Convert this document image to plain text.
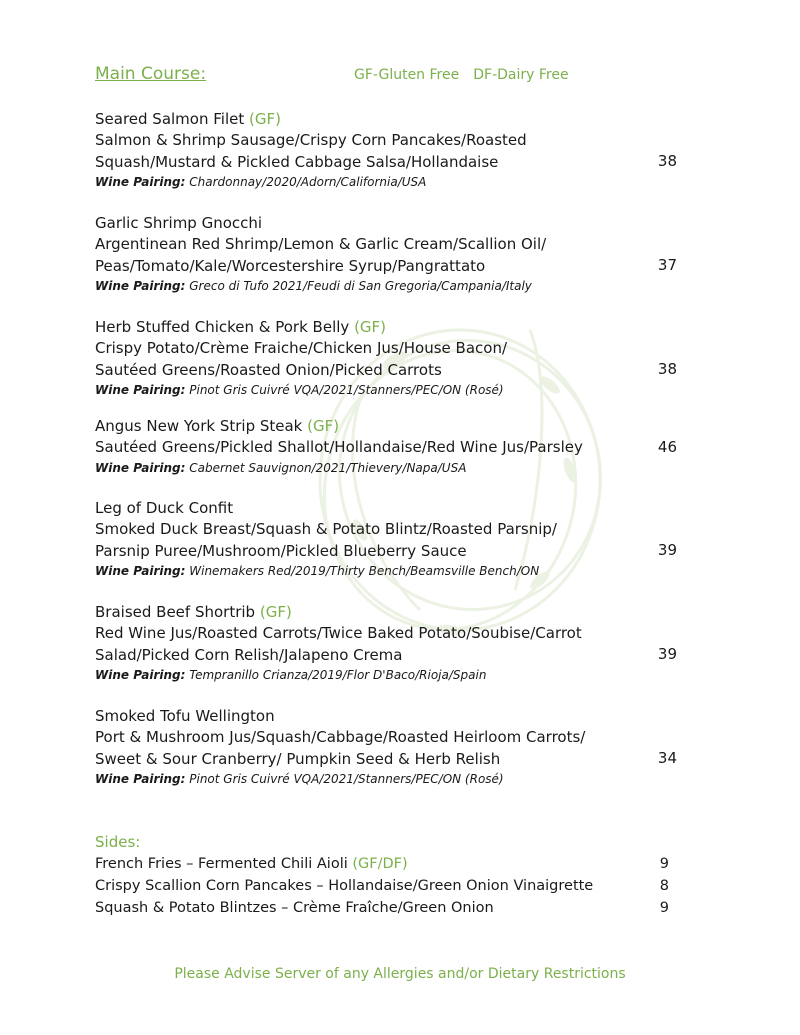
Main Course:	GF-Gluten Free DF-Dairy Free
Seared Salmon Filet (GF)
Salmon & Shrimp Sausage/Crispy Corn Pancakes/Roasted
Squash/Mustard & Pickled Cabbage Salsa/Hollandaise	38
Wine Pairing: Chardonnay/2020/Adorn/California/USA
Garlic Shrimp Gnocchi
Argentinean Red Shrimp/Lemon & Garlic Cream/Scallion Oil/
Peas/Tomato/Kale/Worcestershire Syrup/Pangrattato	37
Wine Pairing: Greco di Tufo 2021/Feudi di San Gregoria/Campania/Italy
Herb Stuffed Chicken & Pork Belly (GF)
Crispy Potato/Crème Fraiche/Chicken Jus/House Bacon/
Sautéed Greens/Roasted Onion/Picked Carrots	38
Wine Pairing: Pinot Gris Cuivré VQA/2021/Stanners/PEC/ON (Rosé)
Angus New York Strip Steak (GF)
Sautéed Greens/Pickled Shallot/Hollandaise/Red Wine Jus/Parsley	46
Wine Pairing: Cabernet Sauvignon/2021/Thievery/Napa/USA
Leg of Duck Confit
Smoked Duck Breast/Squash & Potato Blintz/Roasted Parsnip/
Parsnip Puree/Mushroom/Pickled Blueberry Sauce	39
Wine Pairing: Winemakers Red/2019/Thirty Bench/Beamsville Bench/ON
Braised Beef Shortrib (GF)
Red Wine Jus/Roasted Carrots/Twice Baked Potato/Soubise/Carrot
Salad/Picked Corn Relish/Jalapeno Crema	39
Wine Pairing: Tempranillo Crianza/2019/Flor D'Baco/Rioja/Spain
Smoked Tofu Wellington
Port & Mushroom Jus/Squash/Cabbage/Roasted Heirloom Carrots/
Sweet & Sour Cranberry/ Pumpkin Seed & Herb Relish	34
Wine Pairing: Pinot Gris Cuivré VQA/2021/Stanners/PEC/ON (Rosé)
Sides:
French Fries – Fermented Chili Aioli (GF/DF)	9
Crispy Scallion Corn Pancakes – Hollandaise/Green Onion Vinaigrette	8
Squash & Potato Blintzes – Crème Fraîche/Green Onion	9
Please Advise Server of any Allergies and/or Dietary Restrictions
